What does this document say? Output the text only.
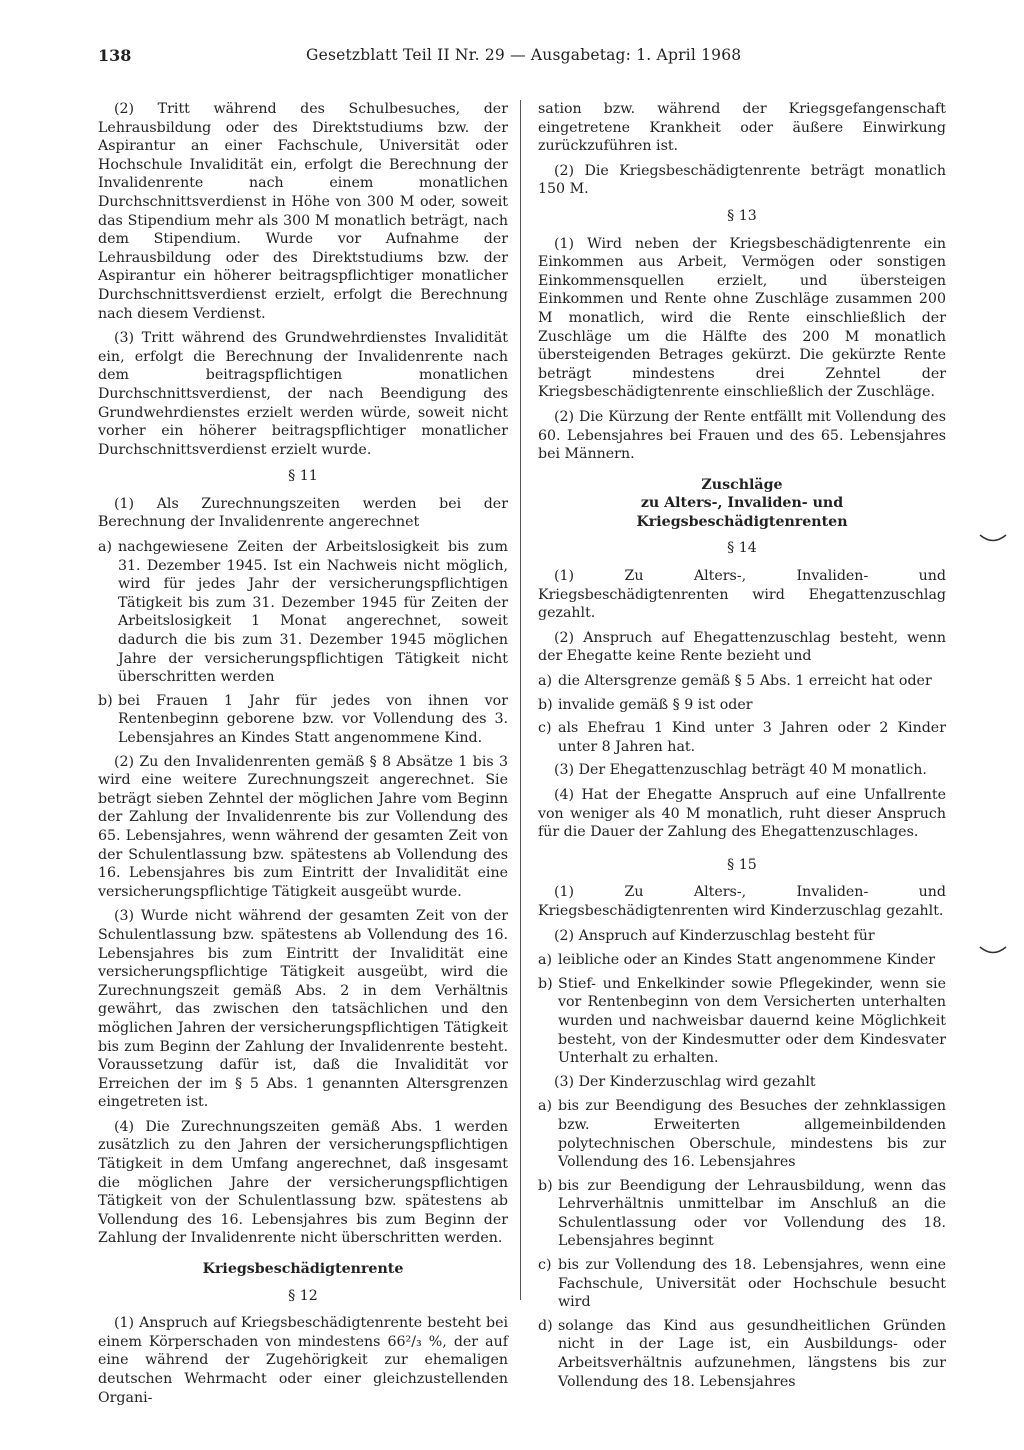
138	Gesetzblatt Teil II Nr. 29 — Ausgabetag: 1. April 1968

(2) Tritt während des Schulbesuches, der Lehrausbildung oder des Direktstudiums bzw. der Aspirantur an einer Fachschule, Universität oder Hochschule Invalidität ein, erfolgt die Berechnung der Invalidenrente nach einem monatlichen Durchschnittsverdienst in Höhe von 300 M oder, soweit das Stipendium mehr als 300 M monatlich beträgt, nach dem Stipendium. Wurde vor Aufnahme der Lehrausbildung oder des Direktstudiums bzw. der Aspirantur ein höherer beitragspflichtiger monatlicher Durchschnittsverdienst erzielt, erfolgt die Berechnung nach diesem Verdienst.

(3) Tritt während des Grundwehrdienstes Invalidität ein, erfolgt die Berechnung der Invalidenrente nach dem beitragspflichtigen monatlichen Durchschnittsverdienst, der nach Beendigung des Grundwehrdienstes erzielt werden würde, soweit nicht vorher ein höherer beitragspflichtiger monatlicher Durchschnittsverdienst erzielt wurde.

§ 11

(1) Als Zurechnungszeiten werden bei der Berechnung der Invalidenrente angerechnet

a) nachgewiesene Zeiten der Arbeitslosigkeit bis zum 31. Dezember 1945. Ist ein Nachweis nicht möglich, wird für jedes Jahr der versicherungspflichtigen Tätigkeit bis zum 31. Dezember 1945 für Zeiten der Arbeitslosigkeit 1 Monat angerechnet, soweit dadurch die bis zum 31. Dezember 1945 möglichen Jahre der versicherungspflichtigen Tätigkeit nicht überschritten werden
b) bei Frauen 1 Jahr für jedes von ihnen vor Rentenbeginn geborene bzw. vor Vollendung des 3. Lebensjahres an Kindes Statt angenommene Kind.

(2) Zu den Invalidenrenten gemäß § 8 Absätze 1 bis 3 wird eine weitere Zurechnungszeit angerechnet. Sie beträgt sieben Zehntel der möglichen Jahre vom Beginn der Zahlung der Invalidenrente bis zur Vollendung des 65. Lebensjahres, wenn während der gesamten Zeit von der Schulentlassung bzw. spätestens ab Vollendung des 16. Lebensjahres bis zum Eintritt der Invalidität eine versicherungspflichtige Tätigkeit ausgeübt wurde.

(3) Wurde nicht während der gesamten Zeit von der Schulentlassung bzw. spätestens ab Vollendung des 16. Lebensjahres bis zum Eintritt der Invalidität eine versicherungspflichtige Tätigkeit ausgeübt, wird die Zurechnungszeit gemäß Abs. 2 in dem Verhältnis gewährt, das zwischen den tatsächlichen und den möglichen Jahren der versicherungspflichtigen Tätigkeit bis zum Beginn der Zahlung der Invalidenrente besteht. Voraussetzung dafür ist, daß die Invalidität vor Erreichen der im § 5 Abs. 1 genannten Altersgrenzen eingetreten ist.

(4) Die Zurechnungszeiten gemäß Abs. 1 werden zusätzlich zu den Jahren der versicherungspflichtigen Tätigkeit in dem Umfang angerechnet, daß insgesamt die möglichen Jahre der versicherungspflichtigen Tätigkeit von der Schulentlassung bzw. spätestens ab Vollendung des 16. Lebensjahres bis zum Beginn der Zahlung der Invalidenrente nicht überschritten werden.

Kriegsbeschädigtenrente
§ 12

(1) Anspruch auf Kriegsbeschädigtenrente besteht bei einem Körperschaden von mindestens 66²/₃ %, der auf eine während der Zugehörigkeit zur ehemaligen deutschen Wehrmacht oder einer gleichzustellenden Organi-

sation bzw. während der Kriegsgefangenschaft eingetretene Krankheit oder äußere Einwirkung zurückzuführen ist.

(2) Die Kriegsbeschädigtenrente beträgt monatlich 150 M.

§ 13

(1) Wird neben der Kriegsbeschädigtenrente ein Einkommen aus Arbeit, Vermögen oder sonstigen Einkommensquellen erzielt, und übersteigen Einkommen und Rente ohne Zuschläge zusammen 200 M monatlich, wird die Rente einschließlich der Zuschläge um die Hälfte des 200 M monatlich übersteigenden Betrages gekürzt. Die gekürzte Rente beträgt mindestens drei Zehntel der Kriegsbeschädigtenrente einschließlich der Zuschläge.

(2) Die Kürzung der Rente entfällt mit Vollendung des 60. Lebensjahres bei Frauen und des 65. Lebensjahres bei Männern.

Zuschläge
zu Alters-, Invaliden- und Kriegsbeschädigtenrenten
§ 14

(1) Zu Alters-, Invaliden- und Kriegsbeschädigtenrenten wird Ehegattenzuschlag gezahlt.

(2) Anspruch auf Ehegattenzuschlag besteht, wenn der Ehegatte keine Rente bezieht und

a) die Altersgrenze gemäß § 5 Abs. 1 erreicht hat oder
b) invalide gemäß § 9 ist oder
c) als Ehefrau 1 Kind unter 3 Jahren oder 2 Kinder unter 8 Jahren hat.

(3) Der Ehegattenzuschlag beträgt 40 M monatlich.

(4) Hat der Ehegatte Anspruch auf eine Unfallrente von weniger als 40 M monatlich, ruht dieser Anspruch für die Dauer der Zahlung des Ehegattenzuschlages.

§ 15

(1) Zu Alters-, Invaliden- und Kriegsbeschädigtenrenten wird Kinderzuschlag gezahlt.

(2) Anspruch auf Kinderzuschlag besteht für

a) leibliche oder an Kindes Statt angenommene Kinder
b) Stief- und Enkelkinder sowie Pflegekinder, wenn sie vor Rentenbeginn von dem Versicherten unterhalten wurden und nachweisbar dauernd keine Möglichkeit besteht, von der Kindesmutter oder dem Kindesvater Unterhalt zu erhalten.

(3) Der Kinderzuschlag wird gezahlt

a) bis zur Beendigung des Besuches der zehnklassigen bzw. Erweiterten allgemeinbildenden polytechnischen Oberschule, mindestens bis zur Vollendung des 16. Lebensjahres
b) bis zur Beendigung der Lehrausbildung, wenn das Lehrverhältnis unmittelbar im Anschluß an die Schulentlassung oder vor Vollendung des 18. Lebensjahres beginnt
c) bis zur Vollendung des 18. Lebensjahres, wenn eine Fachschule, Universität oder Hochschule besucht wird
d) solange das Kind aus gesundheitlichen Gründen nicht in der Lage ist, ein Ausbildungs- oder Arbeitsverhältnis aufzunehmen, längstens bis zur Vollendung des 18. Lebensjahres
